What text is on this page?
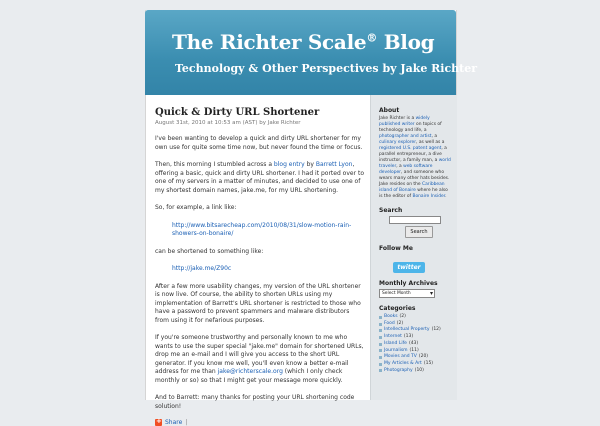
The Richter Scale® Blog
Technology & Other Perspectives by Jake Richter
Quick & Dirty URL Shortener
August 31st, 2010 at 10:53 am (AST) by Jake Richter

I've been wanting to develop a quick and dirty URL shortener for my own use for quite some time now, but never found the time or focus.

Then, this morning I stumbled across a blog entry by Barrett Lyon, offering a basic, quick and dirty URL shortener. I had it ported over to one of my servers in a matter of minutes, and decided to use one of my shortest domain names, jake.me, for my URL shortening.

So, for example, a link like:

http://www.bitsarecheap.com/2010/08/31/slow-motion-rain-showers-on-bonaire/

can be shortened to something like:

http://jake.me/Z90c

After a few more usability changes, my version of the URL shortener is now live. Of course, the ability to shorten URLs using my implementation of Barrett's URL shortener is restricted to those who have a password to prevent spammers and malware distributors from using it for nefarious purposes.

If you're someone trustworthy and personally known to me who wants to use the super special "jake.me" domain for shortened URLs, drop me an e-mail and I will give you access to the short URL generator. If you know me well, you'll even know a better e-mail address for me than jake@richterscale.org (which I only check monthly or so) so that I might get your message more quickly.

And to Barrett: many thanks for posting your URL shortening code solution!

+
Share |
About
Jake Richter is a widely published writer on topics of technology and life, a photographer and artist, a culinary explorer, as well as a registered U.S. patent agent, a parallel entrepreneur, a dive instructor, a family man, a world traveler, a web software developer, and someone who wears many other hats besides. Jake resides on the Caribbean island of Bonaire where he also is the editor of Bonaire Insider.
Search
Search
Follow Me
twitter
Monthly Archives
Select Month ▾
Categories
Books (2)
Food (2)
Intellectual Property (12)
Internet (13)
Island Life (43)
Journalism (11)
Movies and TV (20)
My Articles & Art (15)
Photography (10)
